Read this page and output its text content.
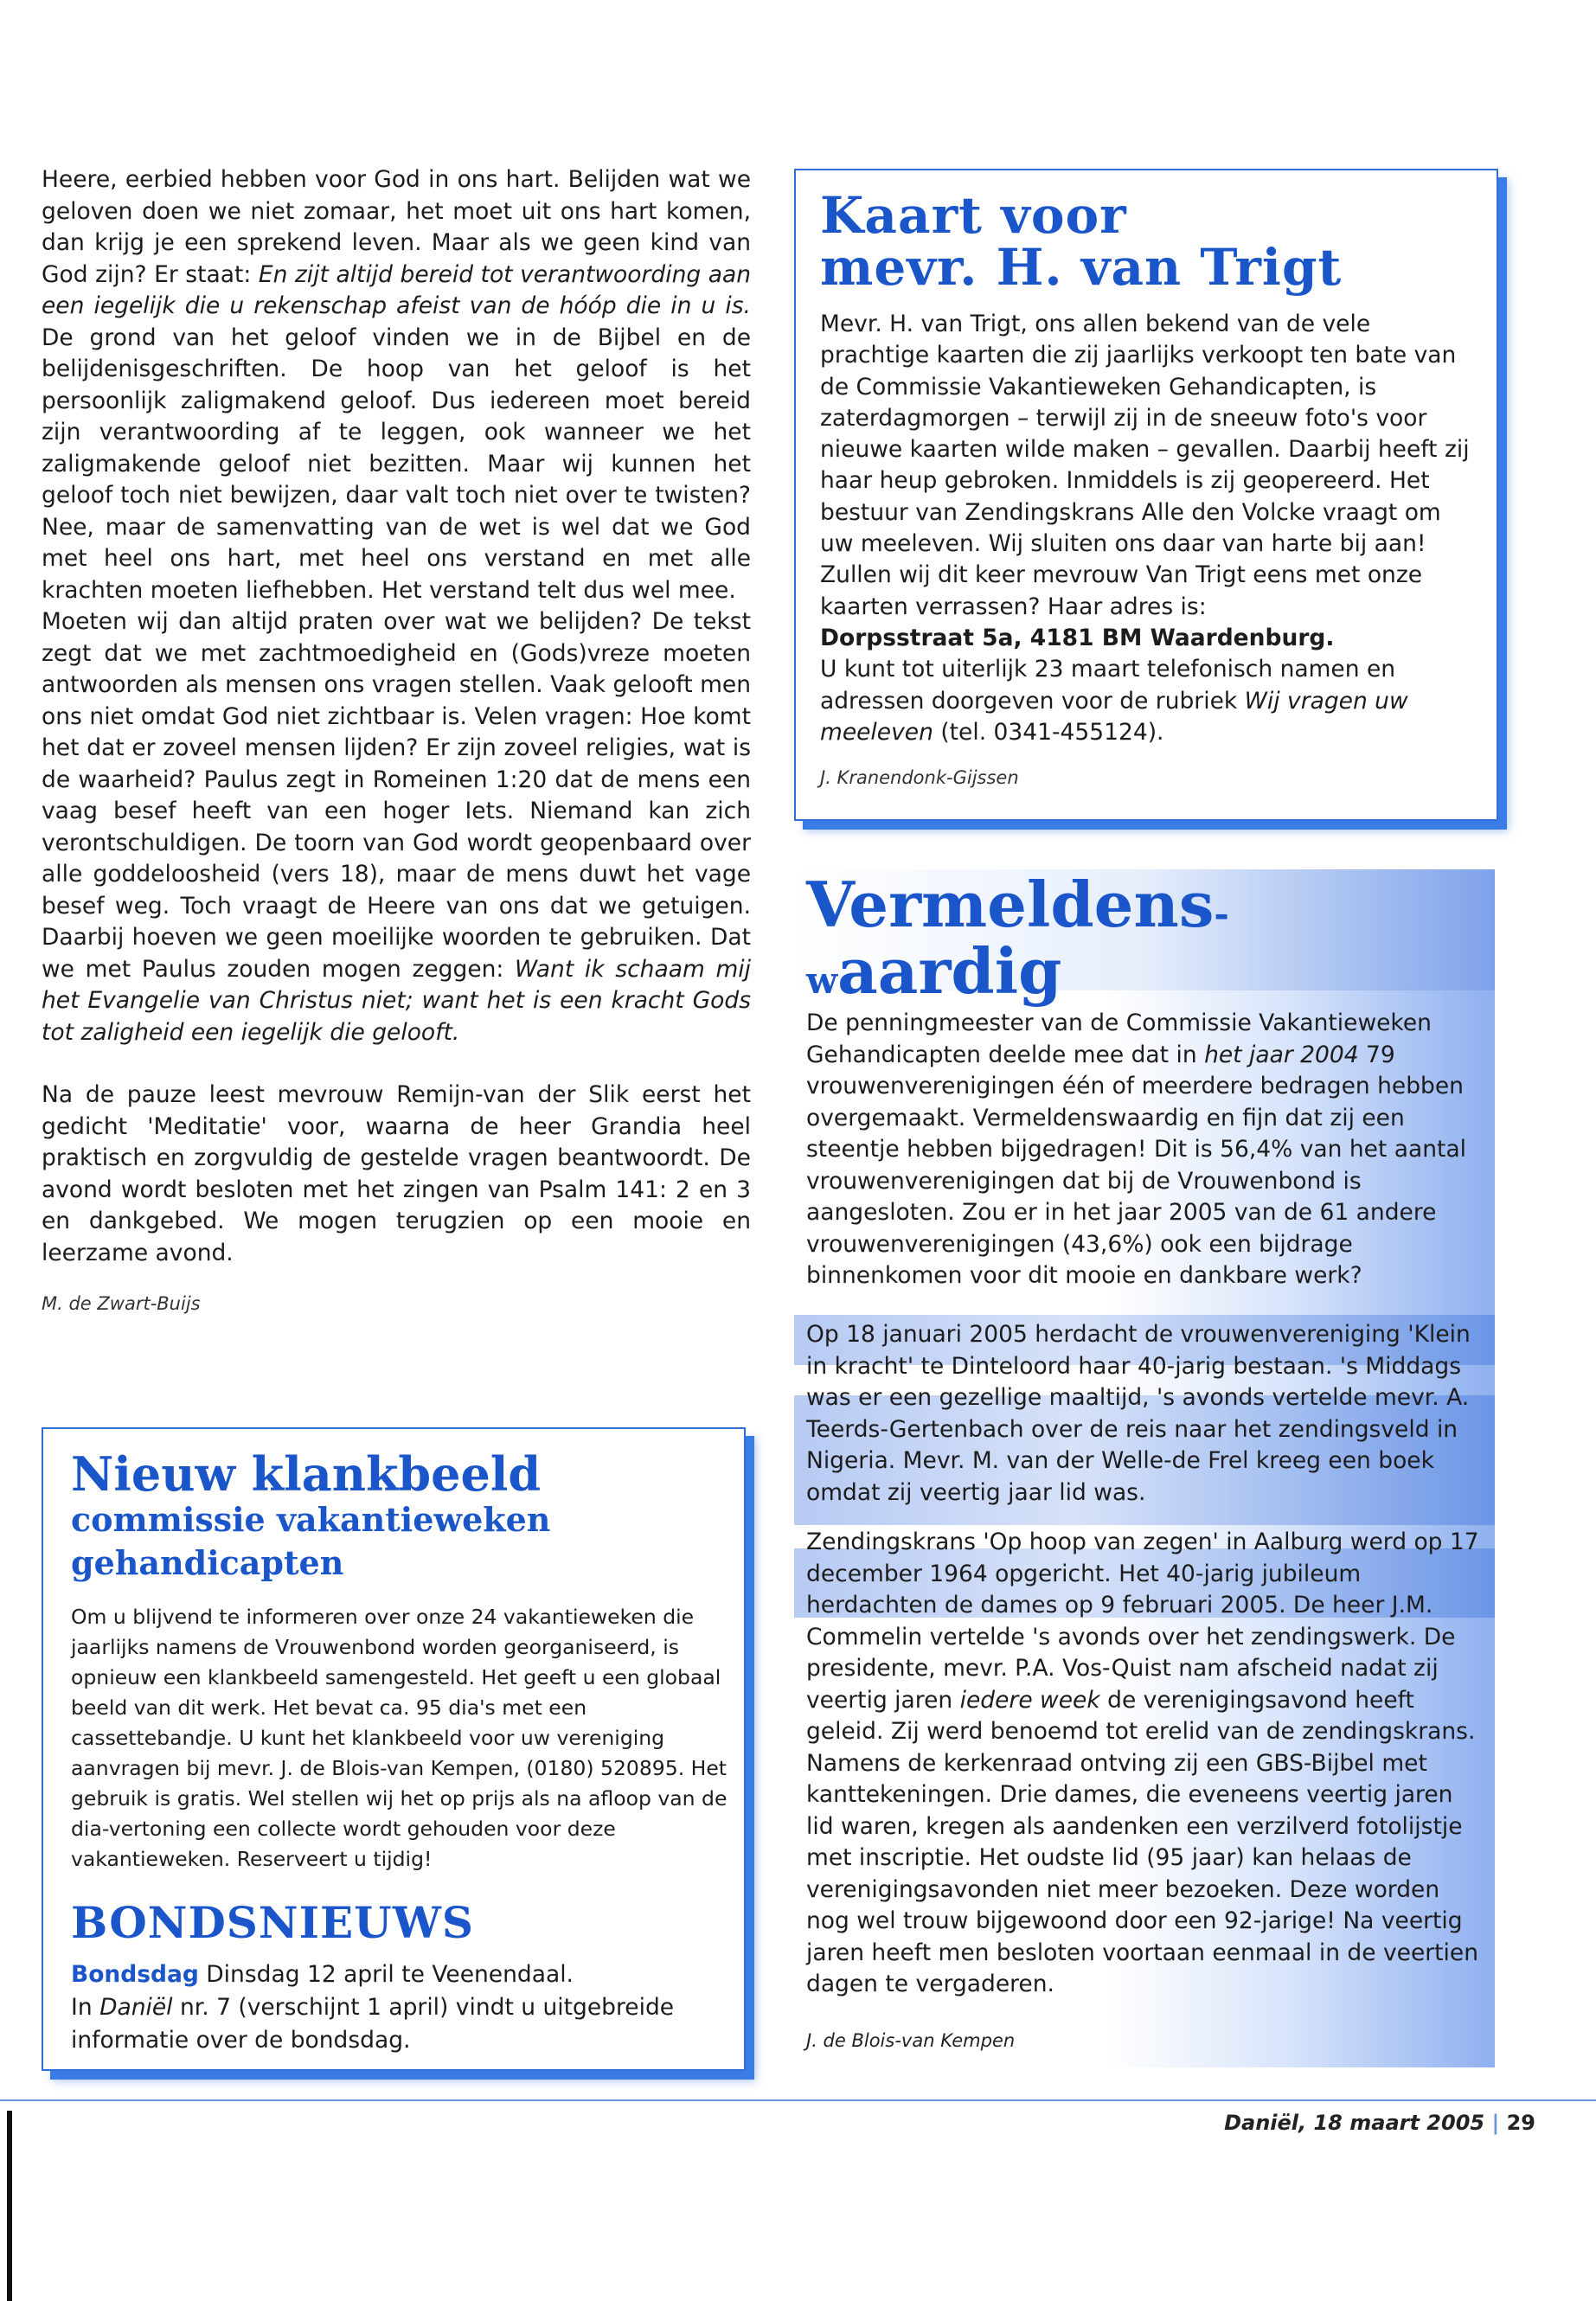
Heere, eerbied hebben voor God in ons hart. Belijden wat we geloven doen we niet zomaar, het moet uit ons hart komen, dan krijg je een sprekend leven. Maar als we geen kind van God zijn? Er staat: En zijt altijd bereid tot verantwoording aan een iegelijk die u rekenschap afeist van de hóóp die in u is. De grond van het geloof vinden we in de Bijbel en de belijdenisgeschriften. De hoop van het geloof is het persoonlijk zaligmakend geloof. Dus iedereen moet bereid zijn verantwoording af te leggen, ook wanneer we het zaligmakende geloof niet bezitten. Maar wij kunnen het geloof toch niet bewijzen, daar valt toch niet over te twisten? Nee, maar de samenvatting van de wet is wel dat we God met heel ons hart, met heel ons verstand en met alle krachten moeten liefhebben. Het verstand telt dus wel mee.

Moeten wij dan altijd praten over wat we belijden? De tekst zegt dat we met zachtmoedigheid en (Gods)vreze moeten antwoorden als mensen ons vragen stellen. Vaak gelooft men ons niet omdat God niet zichtbaar is. Velen vragen: Hoe komt het dat er zoveel mensen lijden? Er zijn zoveel religies, wat is de waarheid? Paulus zegt in Romeinen 1:20 dat de mens een vaag besef heeft van een hoger Iets. Niemand kan zich verontschuldigen. De toorn van God wordt geopenbaard over alle goddeloosheid (vers 18), maar de mens duwt het vage besef weg. Toch vraagt de Heere van ons dat we getuigen. Daarbij hoeven we geen moeilijke woorden te gebruiken. Dat we met Paulus zouden mogen zeggen: Want ik schaam mij het Evangelie van Christus niet; want het is een kracht Gods tot zaligheid een iegelijk die gelooft.

Na de pauze leest mevrouw Remijn-van der Slik eerst het gedicht 'Meditatie' voor, waarna de heer Grandia heel praktisch en zorgvuldig de gestelde vragen beantwoordt. De avond wordt besloten met het zingen van Psalm 141: 2 en 3 en dankgebed. We mogen terugzien op een mooie en leerzame avond.

M. de Zwart-Buijs
Nieuw klankbeeld
commissie vakantieweken gehandicapten

Om u blijvend te informeren over onze 24 vakantieweken die jaarlijks namens de Vrouwenbond worden georganiseerd, is opnieuw een klankbeeld samengesteld. Het geeft u een globaal beeld van dit werk. Het bevat ca. 95 dia's met een cassettebandje. U kunt het klankbeeld voor uw vereniging aanvragen bij mevr. J. de Blois-van Kempen, (0180) 520895. Het gebruik is gratis. Wel stellen wij het op prijs als na afloop van de dia-vertoning een collecte wordt gehouden voor deze vakantieweken. Reserveert u tijdig!

BONDSNIEUWS

Bondsdag Dinsdag 12 april te Veenendaal.

In Daniël nr. 7 (verschijnt 1 april) vindt u uitgebreide informatie over de bondsdag.

Kaart voor
mevr. H. van Trigt

Mevr. H. van Trigt, ons allen bekend van de vele prachtige kaarten die zij jaarlijks verkoopt ten bate van de Commissie Vakantieweken Gehandicapten, is zaterdagmorgen – terwijl zij in de sneeuw foto's voor nieuwe kaarten wilde maken – gevallen. Daarbij heeft zij haar heup gebroken. Inmiddels is zij geopereerd. Het bestuur van Zendingskrans Alle den Volcke vraagt om uw meeleven. Wij sluiten ons daar van harte bij aan! Zullen wij dit keer mevrouw Van Trigt eens met onze kaarten verrassen? Haar adres is:

Dorpsstraat 5a, 4181 BM Waardenburg.

U kunt tot uiterlijk 23 maart telefonisch namen en adressen doorgeven voor de rubriek Wij vragen uw meeleven (tel. 0341-455124).

J. Kranendonk-Gijssen
Vermeldens-
waardig

De penningmeester van de Commissie Vakantieweken Gehandicapten deelde mee dat in het jaar 2004 79 vrouwenverenigingen één of meerdere bedragen hebben overgemaakt. Vermeldenswaardig en fijn dat zij een steentje hebben bijgedragen! Dit is 56,4% van het aantal vrouwenverenigingen dat bij de Vrouwenbond is aangesloten. Zou er in het jaar 2005 van de 61 andere vrouwenverenigingen (43,6%) ook een bijdrage binnenkomen voor dit mooie en dankbare werk?

Op 18 januari 2005 herdacht de vrouwenvereniging 'Klein in kracht' te Dinteloord haar 40-jarig bestaan. 's Middags was er een gezellige maaltijd, 's avonds vertelde mevr. A. Teerds-Gertenbach over de reis naar het zendingsveld in Nigeria. Mevr. M. van der Welle-de Frel kreeg een boek omdat zij veertig jaar lid was.

Zendingskrans 'Op hoop van zegen' in Aalburg werd op 17 december 1964 opgericht. Het 40-jarig jubileum herdachten de dames op 9 februari 2005. De heer J.M. Commelin vertelde 's avonds over het zendingswerk. De presidente, mevr. P.A. Vos-Quist nam afscheid nadat zij veertig jaren iedere week de verenigingsavond heeft geleid. Zij werd benoemd tot erelid van de zendingskrans. Namens de kerkenraad ontving zij een GBS-Bijbel met kanttekeningen. Drie dames, die eveneens veertig jaren lid waren, kregen als aandenken een verzilverd fotolijstje met inscriptie. Het oudste lid (95 jaar) kan helaas de verenigingsavonden niet meer bezoeken. Deze worden nog wel trouw bijgewoond door een 92-jarige! Na veertig jaren heeft men besloten voortaan eenmaal in de veertien dagen te vergaderen.

J. de Blois-van Kempen
Daniël, 18 maart 2005 | 29
